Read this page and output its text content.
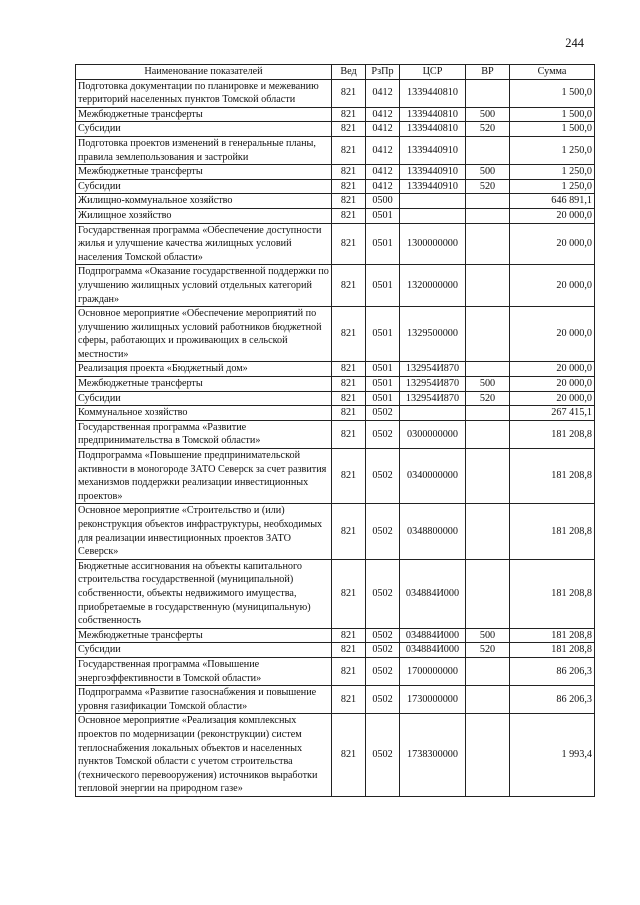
244
Наименование показателей	Вед	РзПр	ЦСР	ВР	Сумма
Подготовка документации по планировке и межеванию территорий населенных пунктов Томской области	821	0412	1339440810		1 500,0
Межбюджетные трансферты	821	0412	1339440810	500	1 500,0
Субсидии	821	0412	1339440810	520	1 500,0
Подготовка проектов изменений в генеральные планы, правила землепользования и застройки	821	0412	1339440910		1 250,0
Межбюджетные трансферты	821	0412	1339440910	500	1 250,0
Субсидии	821	0412	1339440910	520	1 250,0
Жилищно-коммунальное хозяйство	821	0500			646 891,1
Жилищное хозяйство	821	0501			20 000,0
Государственная программа «Обеспечение доступности жилья и улучшение качества жилищных условий населения Томской области»	821	0501	1300000000		20 000,0
Подпрограмма «Оказание государственной поддержки по улучшению жилищных условий отдельных категорий граждан»	821	0501	1320000000		20 000,0
Основное мероприятие «Обеспечение мероприятий по улучшению жилищных условий работников бюджетной сферы, работающих и проживающих в сельской местности»	821	0501	1329500000		20 000,0
Реализация проекта «Бюджетный дом»	821	0501	132954И870		20 000,0
Межбюджетные трансферты	821	0501	132954И870	500	20 000,0
Субсидии	821	0501	132954И870	520	20 000,0
Коммунальное хозяйство	821	0502			267 415,1
Государственная программа «Развитие предпринимательства в Томской области»	821	0502	0300000000		181 208,8
Подпрограмма «Повышение предпринимательской активности в моногороде ЗАТО Северск за счет развития механизмов поддержки реализации инвестиционных проектов»	821	0502	0340000000		181 208,8
Основное мероприятие «Строительство и (или) реконструкция объектов инфраструктуры, необходимых для реализации инвестиционных проектов ЗАТО Северск»	821	0502	0348800000		181 208,8
Бюджетные ассигнования на объекты капитального строительства государственной (муниципальной) собственности, объекты недвижимого имущества, приобретаемые в государственную (муниципальную) собственность	821	0502	034884И000		181 208,8
Межбюджетные трансферты	821	0502	034884И000	500	181 208,8
Субсидии	821	0502	034884И000	520	181 208,8
Государственная программа «Повышение энергоэффективности в Томской области»	821	0502	1700000000		86 206,3
Подпрограмма «Развитие газоснабжения и повышение уровня газификации Томской области»	821	0502	1730000000		86 206,3
Основное мероприятие «Реализация комплексных проектов по модернизации (реконструкции) систем теплоснабжения локальных объектов и населенных пунктов Томской области с учетом строительства (технического перевооружения) источников выработки тепловой энергии на природном газе»	821	0502	1738300000		1 993,4
